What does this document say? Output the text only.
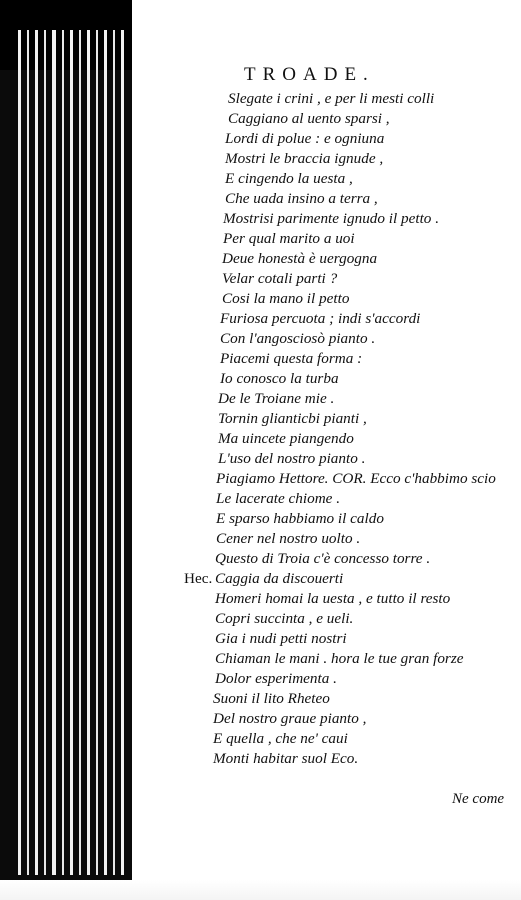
TROADE.
Slegate i crini , e per li mesti colli
Caggiano al uento sparsi ,
Lordi di polue : e ogniuna
Mostri le braccia ignude ,
E cingendo la uesta ,
Che uada insino a terra ,
Mostrisi parimente ignudo il petto .
Per qual marito a uoi
Deue honestà è uergogna
Velar cotali parti ?
Cosi la mano il petto
Furiosa percuota ; indi s'accordi
Con l'angosciosò pianto .
Piacemi questa forma :
Io conosco la turba
De le Troiane mie .
Tornin glianticbi pianti ,
Ma uincete piangendo
L'uso del nostro pianto .
Piagiamo Hettore. COR. Ecco c'habbimo scio
Le lacerate chiome .
E sparso habbiamo il caldo
Cener nel nostro uolto .
Questo di Troia c'è concesso torre .
Caggia da discouerti
Hec.
Homeri homai la uesta , e tutto il resto
Copri succinta , e ueli.
Gia i nudi petti nostri
Chiaman le mani . hora le tue gran forze
Dolor esperimenta .
Suoni il lito Rheteo
Del nostro graue pianto ,
E quella , che ne' caui
Monti habitar suol Eco.
Ne come
